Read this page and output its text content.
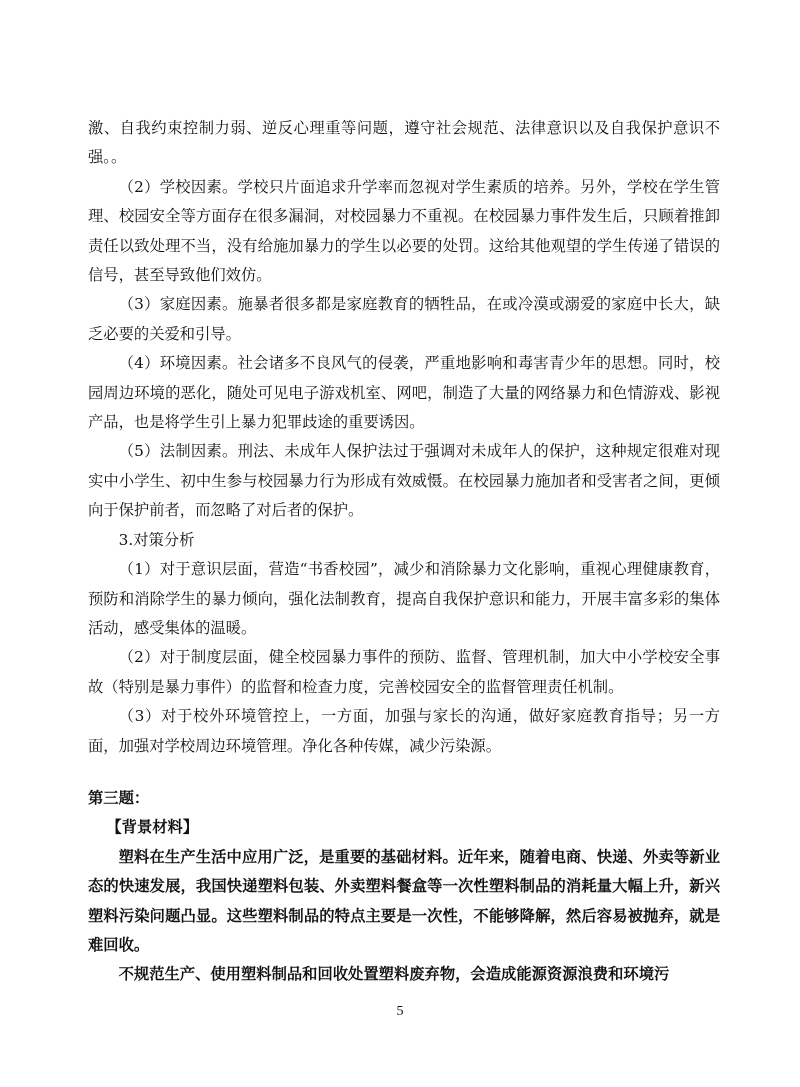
激、自我约束控制力弱、逆反心理重等问题，遵守社会规范、法律意识以及自我保护意识不强。。

（2）学校因素。学校只片面追求升学率而忽视对学生素质的培养。另外，学校在学生管理、校园安全等方面存在很多漏洞，对校园暴力不重视。在校园暴力事件发生后，只顾着推卸责任以致处理不当，没有给施加暴力的学生以必要的处罚。这给其他观望的学生传递了错误的信号，甚至导致他们效仿。

（3）家庭因素。施暴者很多都是家庭教育的牺牲品，在或冷漠或溺爱的家庭中长大，缺乏必要的关爱和引导。

（4）环境因素。社会诸多不良风气的侵袭，严重地影响和毒害青少年的思想。同时，校园周边环境的恶化，随处可见电子游戏机室、网吧，制造了大量的网络暴力和色情游戏、影视产品，也是将学生引上暴力犯罪歧途的重要诱因。

（5）法制因素。刑法、未成年人保护法过于强调对未成年人的保护，这种规定很难对现实中小学生、初中生参与校园暴力行为形成有效威慑。在校园暴力施加者和受害者之间，更倾向于保护前者，而忽略了对后者的保护。

3.对策分析

（1）对于意识层面，营造“书香校园”，减少和消除暴力文化影响，重视心理健康教育，预防和消除学生的暴力倾向，强化法制教育，提高自我保护意识和能力，开展丰富多彩的集体活动，感受集体的温暖。

（2）对于制度层面，健全校园暴力事件的预防、监督、管理机制，加大中小学校安全事故（特别是暴力事件）的监督和检查力度，完善校园安全的监督管理责任机制。

（3）对于校外环境管控上，一方面，加强与家长的沟通，做好家庭教育指导；另一方面，加强对学校周边环境管理。净化各种传媒，减少污染源。

第三题：

【背景材料】

塑料在生产生活中应用广泛，是重要的基础材料。近年来，随着电商、快递、外卖等新业态的快速发展，我国快递塑料包装、外卖塑料餐盒等一次性塑料制品的消耗量大幅上升，新兴塑料污染问题凸显。这些塑料制品的特点主要是一次性，不能够降解，然后容易被抛弃，就是难回收。

不规范生产、使用塑料制品和回收处置塑料废弃物，会造成能源资源浪费和环境污

5
